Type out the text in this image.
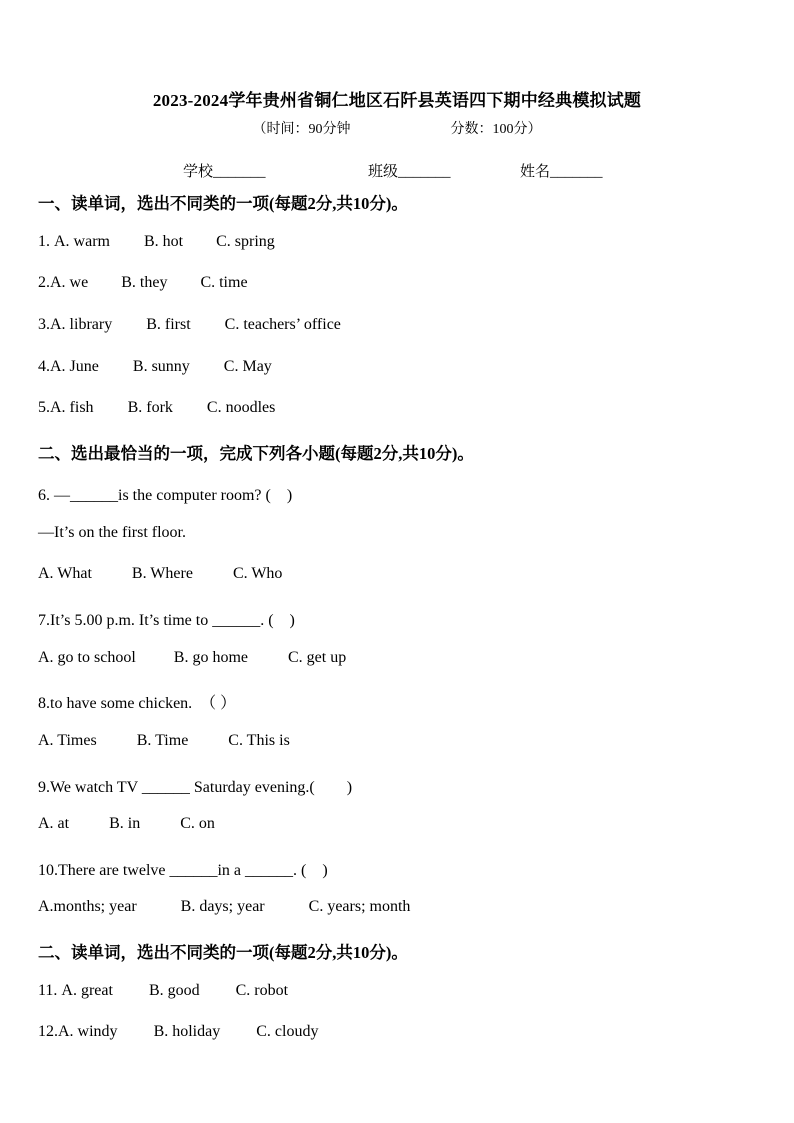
2023-2024学年贵州省铜仁地区石阡县英语四下期中经典模拟试题
（时间：90分钟	分数：100分）
学校_______	班级_______	姓名_______
一、读单词，选出不同类的一项(每题2分,共10分)。
1. A. warm B. hot C. spring
2.A. we B. they C. time
3.A. library B. first C. teachers’ office
4.A. June B. sunny C. May
5.A. fish B. fork C. noodles
二、选出最恰当的一项，完成下列各小题(每题2分,共10分)。
6. —______is the computer room? (　)
—It’s on the first floor.
A. What	B. Where	C. Who
7.It’s 5.00 p.m. It’s time to ______. (　)
A. go to school B. go home	C. get up
8.to have some chicken.　（ ）
A. Times	B. Time	C. This is
9.We watch TV ______ Saturday evening.(　　)
A. at	B. in	C. on
10.There are twelve ______in a ______. (　)
A.months; year	B. days; year	C. years; month
二、读单词，选出不同类的一项(每题2分,共10分)。
11. A. great B. good C. robot
12.A. windy B. holiday C. cloudy
